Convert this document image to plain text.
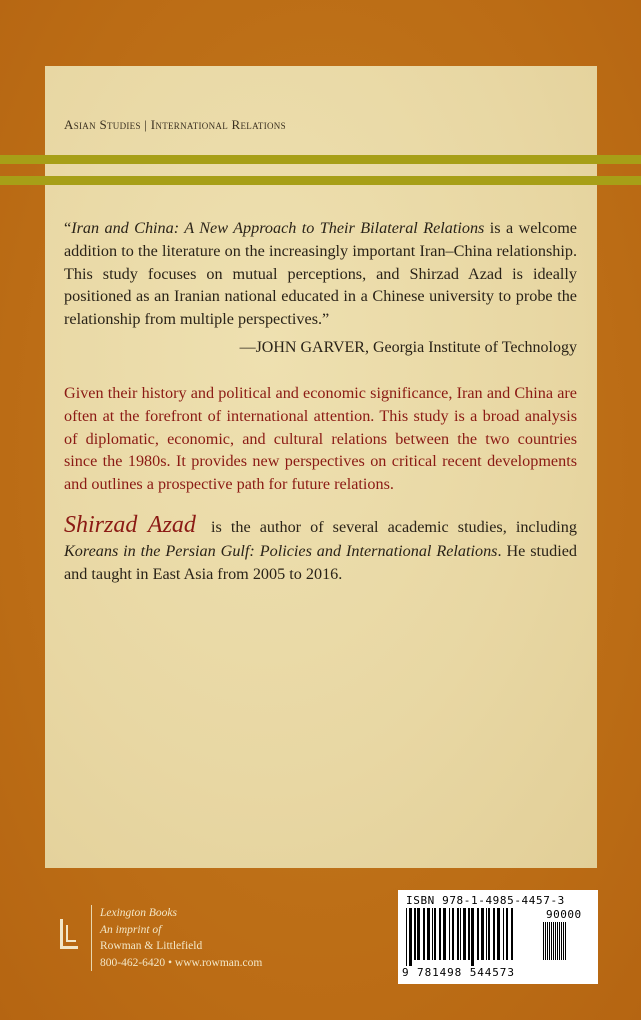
Asian Studies | International Relations
“Iran and China: A New Approach to Their Bilateral Relations is a welcome addition to the literature on the increasingly important Iran–China relationship. This study focuses on mutual perceptions, and Shirzad Azad is ideally positioned as an Iranian national educated in a Chinese university to probe the relationship from multiple perspectives.”
—JOHN GARVER, Georgia Institute of Technology
Given their history and political and economic significance, Iran and China are often at the forefront of international attention. This study is a broad analysis of diplomatic, economic, and cultural relations between the two countries since the 1980s. It provides new perspectives on critical recent developments and outlines a prospective path for future relations.
Shirzad Azad is the author of several academic studies, including Koreans in the Persian Gulf: Policies and International Relations. He studied and taught in East Asia from 2005 to 2016.
Lexington Books
An imprint of
Rowman & Littlefield
800-462-6420 • www.rowman.com
ISBN 978-1-4985-4457-3
90000
9 781498 544573
